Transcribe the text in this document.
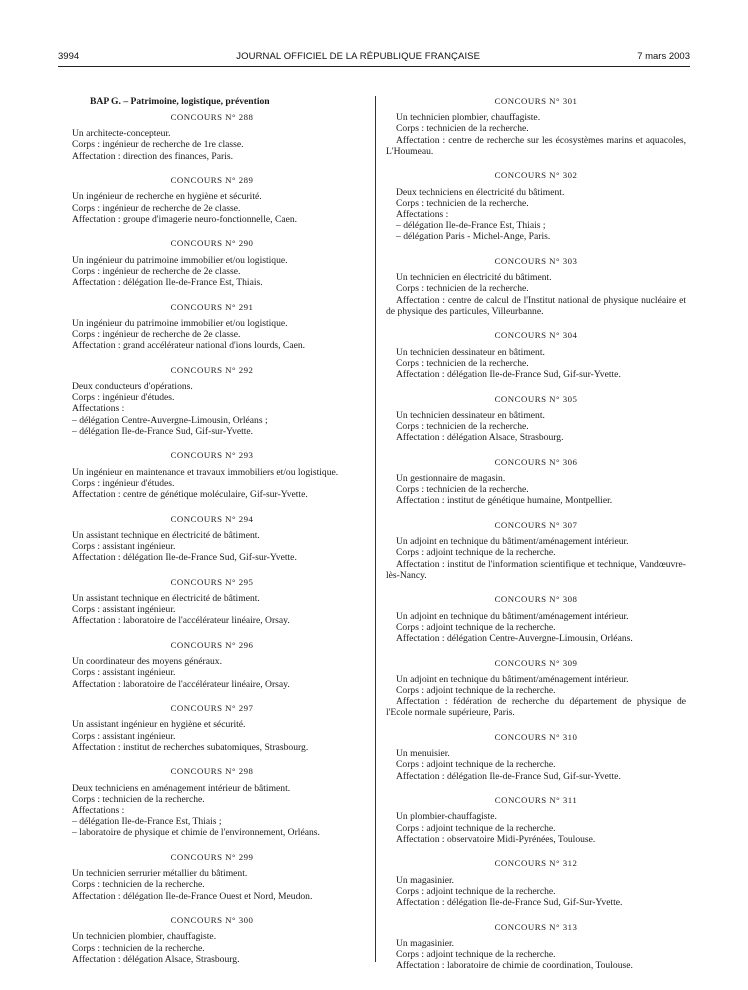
3994	JOURNAL OFFICIEL DE LA RÉPUBLIQUE FRANÇAISE	7 mars 2003
BAP G. – Patrimoine, logistique, prévention
CONCOURS N° 288
Un architecte-concepteur.
Corps : ingénieur de recherche de 1re classe.
Affectation : direction des finances, Paris.
CONCOURS N° 289
Un ingénieur de recherche en hygiène et sécurité.
Corps : ingénieur de recherche de 2e classe.
Affectation : groupe d'imagerie neuro-fonctionnelle, Caen.
CONCOURS N° 290
Un ingénieur du patrimoine immobilier et/ou logistique.
Corps : ingénieur de recherche de 2e classe.
Affectation : délégation Ile-de-France Est, Thiais.
CONCOURS N° 291
Un ingénieur du patrimoine immobilier et/ou logistique.
Corps : ingénieur de recherche de 2e classe.
Affectation : grand accélérateur national d'ions lourds, Caen.
CONCOURS N° 292
Deux conducteurs d'opérations.
Corps : ingénieur d'études.
Affectations :
– délégation Centre-Auvergne-Limousin, Orléans ;
– délégation Ile-de-France Sud, Gif-sur-Yvette.
CONCOURS N° 293
Un ingénieur en maintenance et travaux immobiliers et/ou logistique.
Corps : ingénieur d'études.
Affectation : centre de génétique moléculaire, Gif-sur-Yvette.
CONCOURS N° 294
Un assistant technique en électricité de bâtiment.
Corps : assistant ingénieur.
Affectation : délégation Ile-de-France Sud, Gif-sur-Yvette.
CONCOURS N° 295
Un assistant technique en électricité de bâtiment.
Corps : assistant ingénieur.
Affectation : laboratoire de l'accélérateur linéaire, Orsay.
CONCOURS N° 296
Un coordinateur des moyens généraux.
Corps : assistant ingénieur.
Affectation : laboratoire de l'accélérateur linéaire, Orsay.
CONCOURS N° 297
Un assistant ingénieur en hygiène et sécurité.
Corps : assistant ingénieur.
Affectation : institut de recherches subatomiques, Strasbourg.
CONCOURS N° 298
Deux techniciens en aménagement intérieur de bâtiment.
Corps : technicien de la recherche.
Affectations :
– délégation Ile-de-France Est, Thiais ;
– laboratoire de physique et chimie de l'environnement, Orléans.
CONCOURS N° 299
Un technicien serrurier métallier du bâtiment.
Corps : technicien de la recherche.
Affectation : délégation Ile-de-France Ouest et Nord, Meudon.
CONCOURS N° 300
Un technicien plombier, chauffagiste.
Corps : technicien de la recherche.
Affectation : délégation Alsace, Strasbourg.
CONCOURS N° 301
Un technicien plombier, chauffagiste.
Corps : technicien de la recherche.
Affectation : centre de recherche sur les écosystèmes marins et aquacoles, L'Houmeau.
CONCOURS N° 302
Deux techniciens en électricité du bâtiment.
Corps : technicien de la recherche.
Affectations :
– délégation Ile-de-France Est, Thiais ;
– délégation Paris - Michel-Ange, Paris.
CONCOURS N° 303
Un technicien en électricité du bâtiment.
Corps : technicien de la recherche.
Affectation : centre de calcul de l'Institut national de physique nucléaire et de physique des particules, Villeurbanne.
CONCOURS N° 304
Un technicien dessinateur en bâtiment.
Corps : technicien de la recherche.
Affectation : délégation Ile-de-France Sud, Gif-sur-Yvette.
CONCOURS N° 305
Un technicien dessinateur en bâtiment.
Corps : technicien de la recherche.
Affectation : délégation Alsace, Strasbourg.
CONCOURS N° 306
Un gestionnaire de magasin.
Corps : technicien de la recherche.
Affectation : institut de génétique humaine, Montpellier.
CONCOURS N° 307
Un adjoint en technique du bâtiment/aménagement intérieur.
Corps : adjoint technique de la recherche.
Affectation : institut de l'information scientifique et technique, Vandœuvre-lès-Nancy.
CONCOURS N° 308
Un adjoint en technique du bâtiment/aménagement intérieur.
Corps : adjoint technique de la recherche.
Affectation : délégation Centre-Auvergne-Limousin, Orléans.
CONCOURS N° 309
Un adjoint en technique du bâtiment/aménagement intérieur.
Corps : adjoint technique de la recherche.
Affectation : fédération de recherche du département de physique de l'Ecole normale supérieure, Paris.
CONCOURS N° 310
Un menuisier.
Corps : adjoint technique de la recherche.
Affectation : délégation Ile-de-France Sud, Gif-sur-Yvette.
CONCOURS N° 311
Un plombier-chauffagiste.
Corps : adjoint technique de la recherche.
Affectation : observatoire Midi-Pyrénées, Toulouse.
CONCOURS N° 312
Un magasinier.
Corps : adjoint technique de la recherche.
Affectation : délégation Ile-de-France Sud, Gif-Sur-Yvette.
CONCOURS N° 313
Un magasinier.
Corps : adjoint technique de la recherche.
Affectation : laboratoire de chimie de coordination, Toulouse.
